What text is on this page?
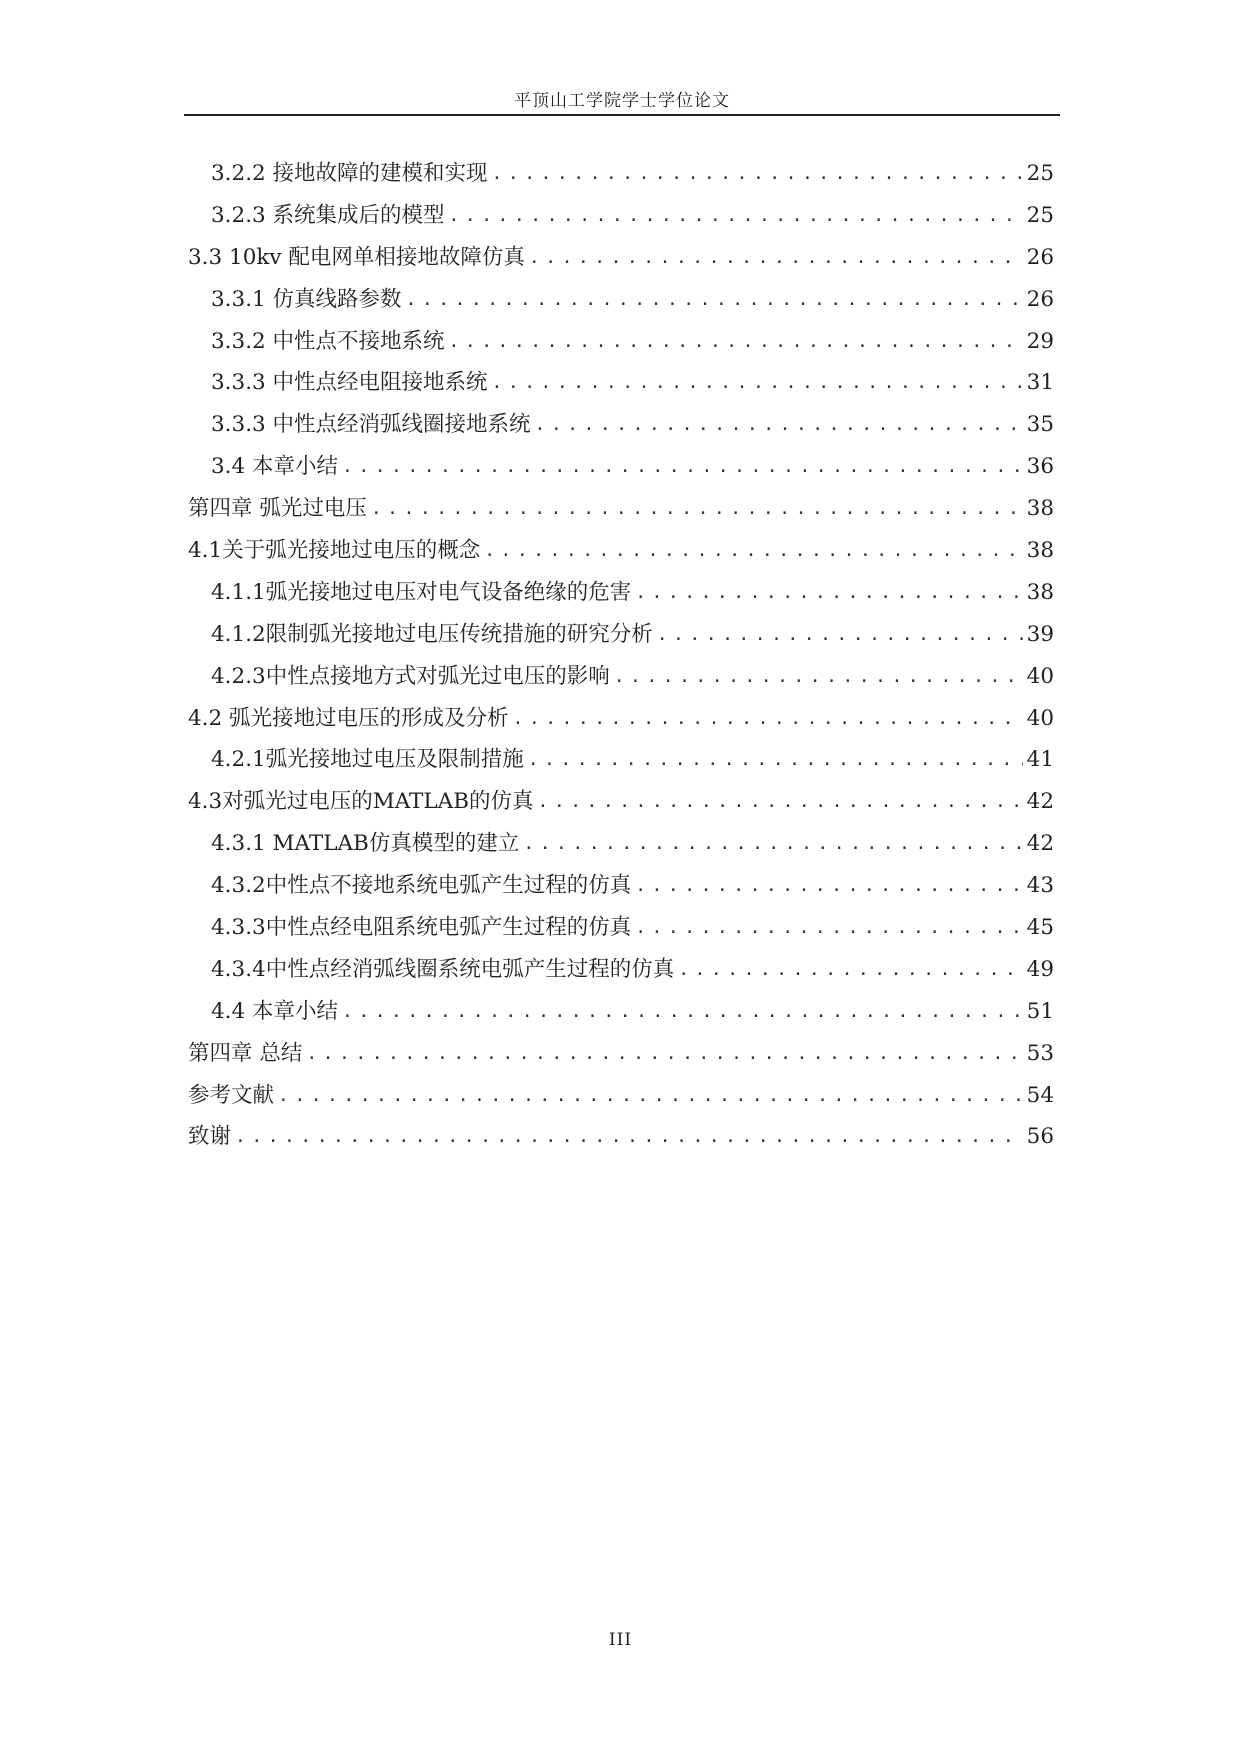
平顶山工学院学士学位论文
3.2.2 接地故障的建模和实现 .....	25
3.2.3 系统集成后的模型 .....	25
3.3 10kv 配电网单相接地故障仿真 .....	26
3.3.1 仿真线路参数 .....	26
3.3.2 中性点不接地系统 .....	29
3.3.3 中性点经电阻接地系统 .....	31
3.3.3 中性点经消弧线圈接地系统 .....	35
3.4 本章小结 .....	36
第四章 弧光过电压 .....	38
4.1关于弧光接地过电压的概念 .....	38
4.1.1弧光接地过电压对电气设备绝缘的危害 .....	38
4.1.2限制弧光接地过电压传统措施的研究分析 .....	39
4.2.3中性点接地方式对弧光过电压的影响 .....	40
4.2 弧光接地过电压的形成及分析 .....	40
4.2.1弧光接地过电压及限制措施 .....	41
4.3对弧光过电压的MATLAB的仿真 .....	42
4.3.1 MATLAB仿真模型的建立 .....	42
4.3.2中性点不接地系统电弧产生过程的仿真 .....	43
4.3.3中性点经电阻系统电弧产生过程的仿真 .....	45
4.3.4中性点经消弧线圈系统电弧产生过程的仿真 .....	49
4.4 本章小结 .....	51
第四章 总结 .....	53
参考文献 .....	54
致谢 .....	56
III
